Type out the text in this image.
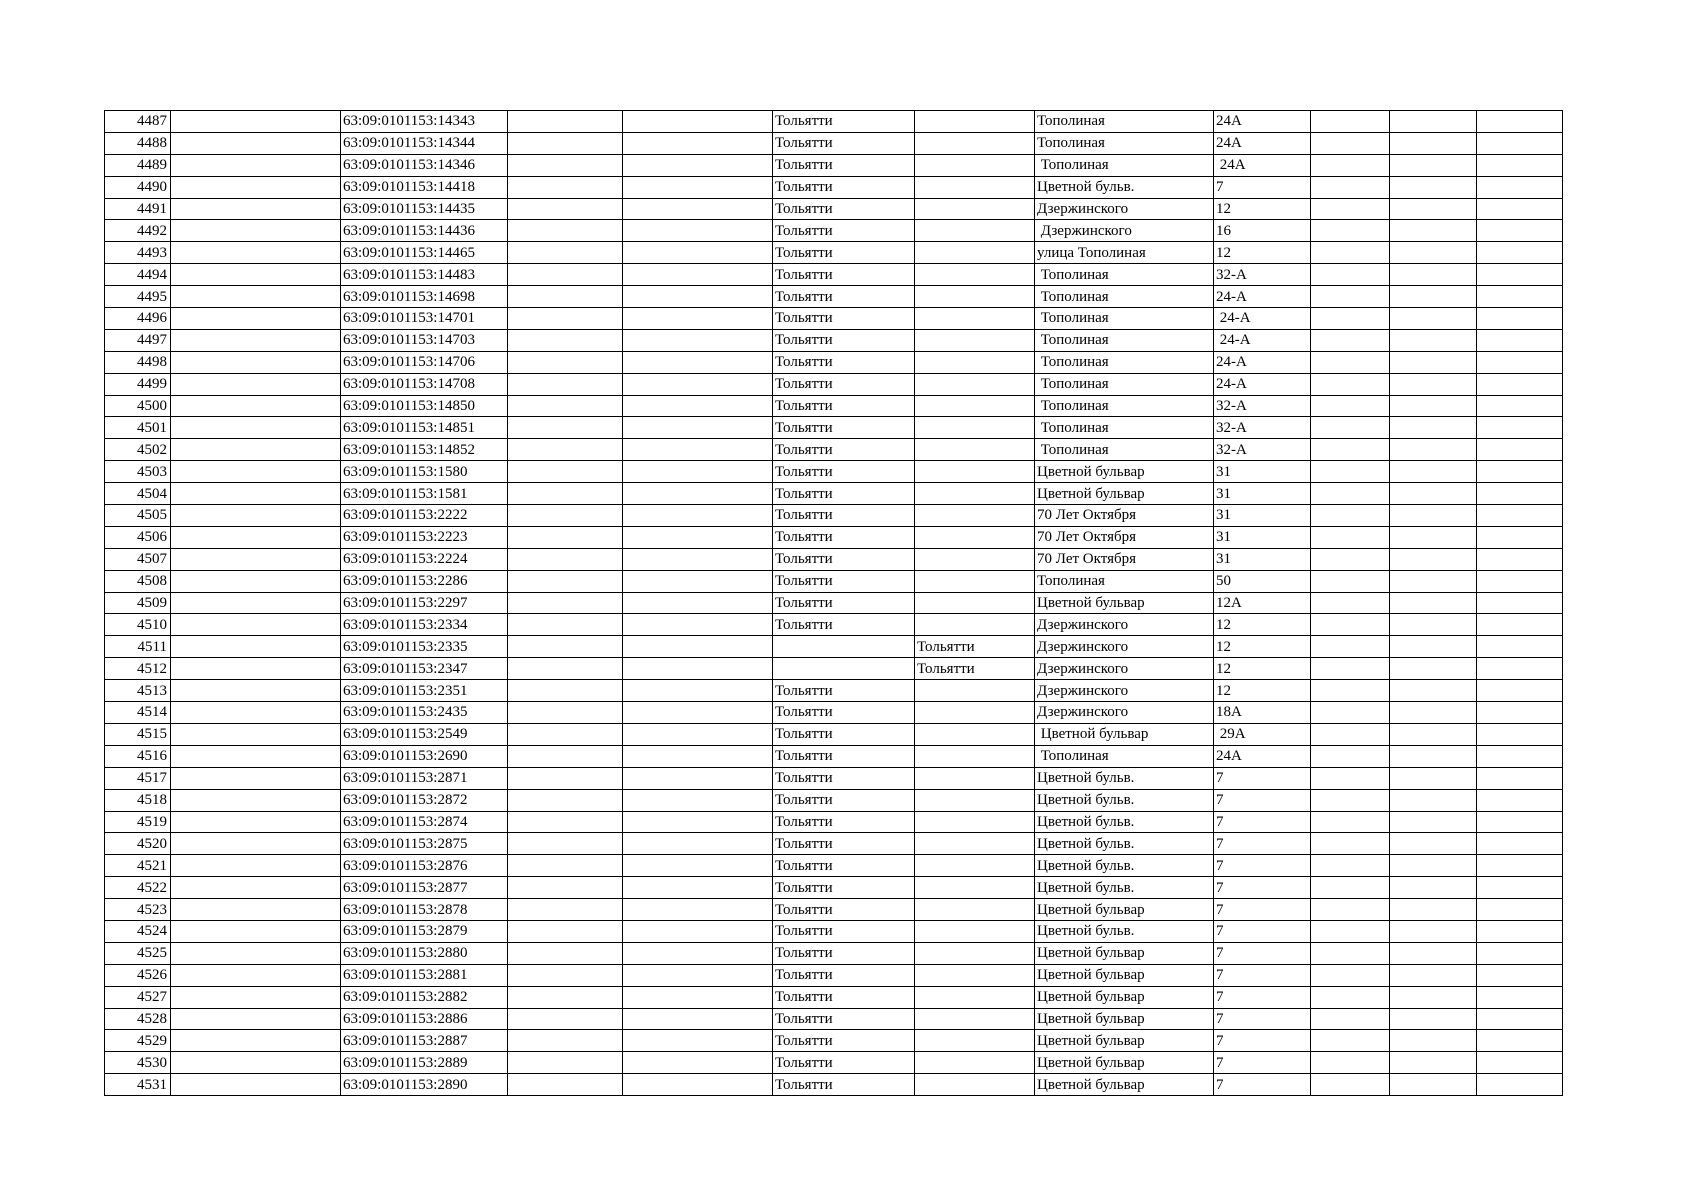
4487		63:09:0101153:14343			Тольятти		Тополиная	24А			
4488		63:09:0101153:14344			Тольятти		Тополиная	24А			
4489		63:09:0101153:14346			Тольятти		Тополиная	24А			
4490		63:09:0101153:14418			Тольятти		Цветной бульв.	7			
4491		63:09:0101153:14435			Тольятти		Дзержинского	12			
4492		63:09:0101153:14436			Тольятти		Дзержинского	16			
4493		63:09:0101153:14465			Тольятти		улица Тополиная	12			
4494		63:09:0101153:14483			Тольятти		Тополиная	32-А			
4495		63:09:0101153:14698			Тольятти		Тополиная	24-А			
4496		63:09:0101153:14701			Тольятти		Тополиная	24-А			
4497		63:09:0101153:14703			Тольятти		Тополиная	24-А			
4498		63:09:0101153:14706			Тольятти		Тополиная	24-А			
4499		63:09:0101153:14708			Тольятти		Тополиная	24-А			
4500		63:09:0101153:14850			Тольятти		Тополиная	32-А			
4501		63:09:0101153:14851			Тольятти		Тополиная	32-А			
4502		63:09:0101153:14852			Тольятти		Тополиная	32-А			
4503		63:09:0101153:1580			Тольятти		Цветной бульвар	31			
4504		63:09:0101153:1581			Тольятти		Цветной бульвар	31			
4505		63:09:0101153:2222			Тольятти		70 Лет Октября	31			
4506		63:09:0101153:2223			Тольятти		70 Лет Октября	31			
4507		63:09:0101153:2224			Тольятти		70 Лет Октября	31			
4508		63:09:0101153:2286			Тольятти		Тополиная	50			
4509		63:09:0101153:2297			Тольятти		Цветной бульвар	12А			
4510		63:09:0101153:2334			Тольятти		Дзержинского	12			
4511		63:09:0101153:2335				Тольятти	Дзержинского	12			
4512		63:09:0101153:2347				Тольятти	Дзержинского	12			
4513		63:09:0101153:2351			Тольятти		Дзержинского	12			
4514		63:09:0101153:2435			Тольятти		Дзержинского	18А			
4515		63:09:0101153:2549			Тольятти		Цветной бульвар	29А			
4516		63:09:0101153:2690			Тольятти		Тополиная	24А			
4517		63:09:0101153:2871			Тольятти		Цветной бульв.	7			
4518		63:09:0101153:2872			Тольятти		Цветной бульв.	7			
4519		63:09:0101153:2874			Тольятти		Цветной бульв.	7			
4520		63:09:0101153:2875			Тольятти		Цветной бульв.	7			
4521		63:09:0101153:2876			Тольятти		Цветной бульв.	7			
4522		63:09:0101153:2877			Тольятти		Цветной бульв.	7			
4523		63:09:0101153:2878			Тольятти		Цветной бульвар	7			
4524		63:09:0101153:2879			Тольятти		Цветной бульв.	7			
4525		63:09:0101153:2880			Тольятти		Цветной бульвар	7			
4526		63:09:0101153:2881			Тольятти		Цветной бульвар	7			
4527		63:09:0101153:2882			Тольятти		Цветной бульвар	7			
4528		63:09:0101153:2886			Тольятти		Цветной бульвар	7			
4529		63:09:0101153:2887			Тольятти		Цветной бульвар	7			
4530		63:09:0101153:2889			Тольятти		Цветной бульвар	7			
4531		63:09:0101153:2890			Тольятти		Цветной бульвар	7			
